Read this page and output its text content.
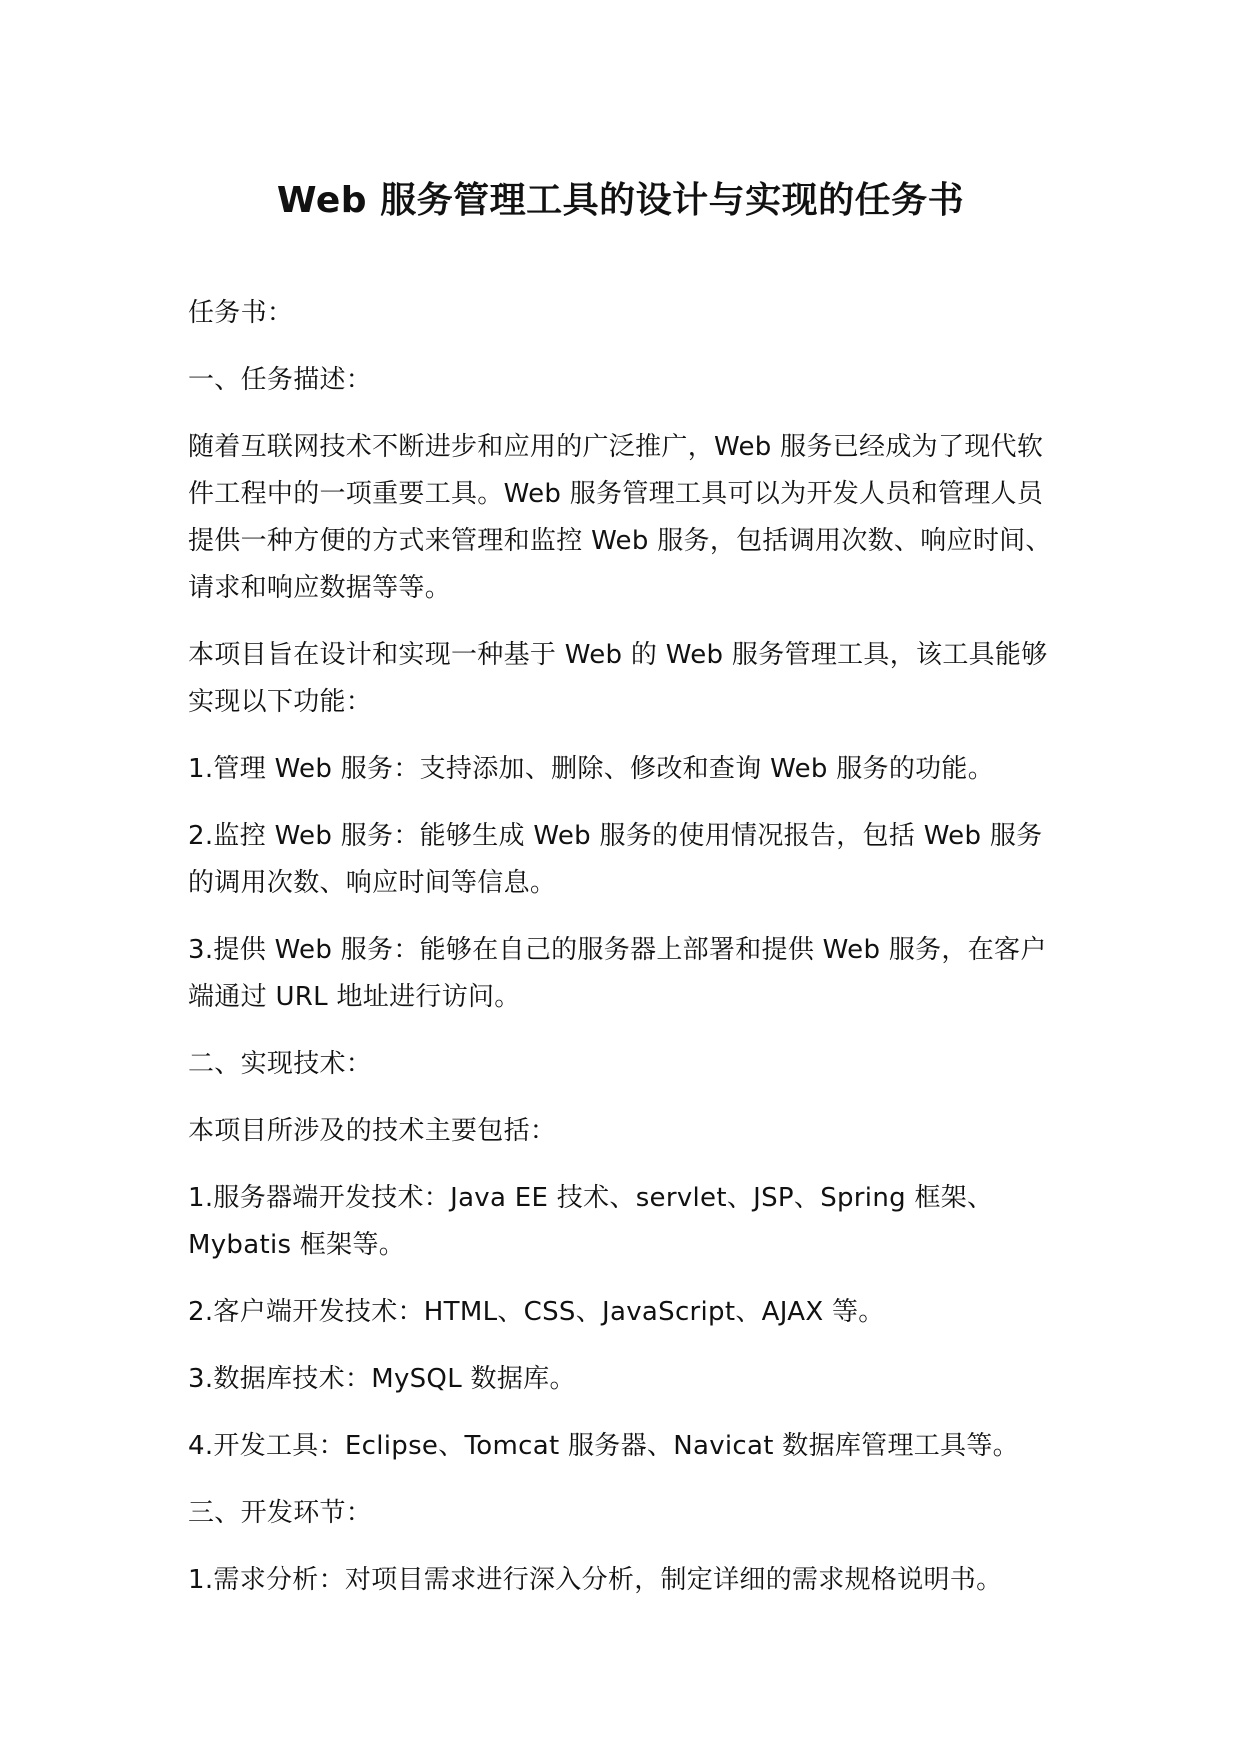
Web 服务管理工具的设计与实现的任务书

任务书：

一、任务描述：

随着互联网技术不断进步和应用的广泛推广，Web 服务已经成为了现代软件工程中的一项重要工具。Web 服务管理工具可以为开发人员和管理人员提供一种方便的方式来管理和监控 Web 服务，包括调用次数、响应时间、请求和响应数据等等。

本项目旨在设计和实现一种基于 Web 的 Web 服务管理工具，该工具能够实现以下功能：

1.管理 Web 服务：支持添加、删除、修改和查询 Web 服务的功能。

2.监控 Web 服务：能够生成 Web 服务的使用情况报告，包括 Web 服务的调用次数、响应时间等信息。

3.提供 Web 服务：能够在自己的服务器上部署和提供 Web 服务，在客户端通过 URL 地址进行访问。

二、实现技术：

本项目所涉及的技术主要包括：

1.服务器端开发技术：Java EE 技术、servlet、JSP、Spring 框架、Mybatis 框架等。

2.客户端开发技术：HTML、CSS、JavaScript、AJAX 等。

3.数据库技术：MySQL 数据库。

4.开发工具：Eclipse、Tomcat 服务器、Navicat 数据库管理工具等。

三、开发环节：

1.需求分析：对项目需求进行深入分析，制定详细的需求规格说明书。
